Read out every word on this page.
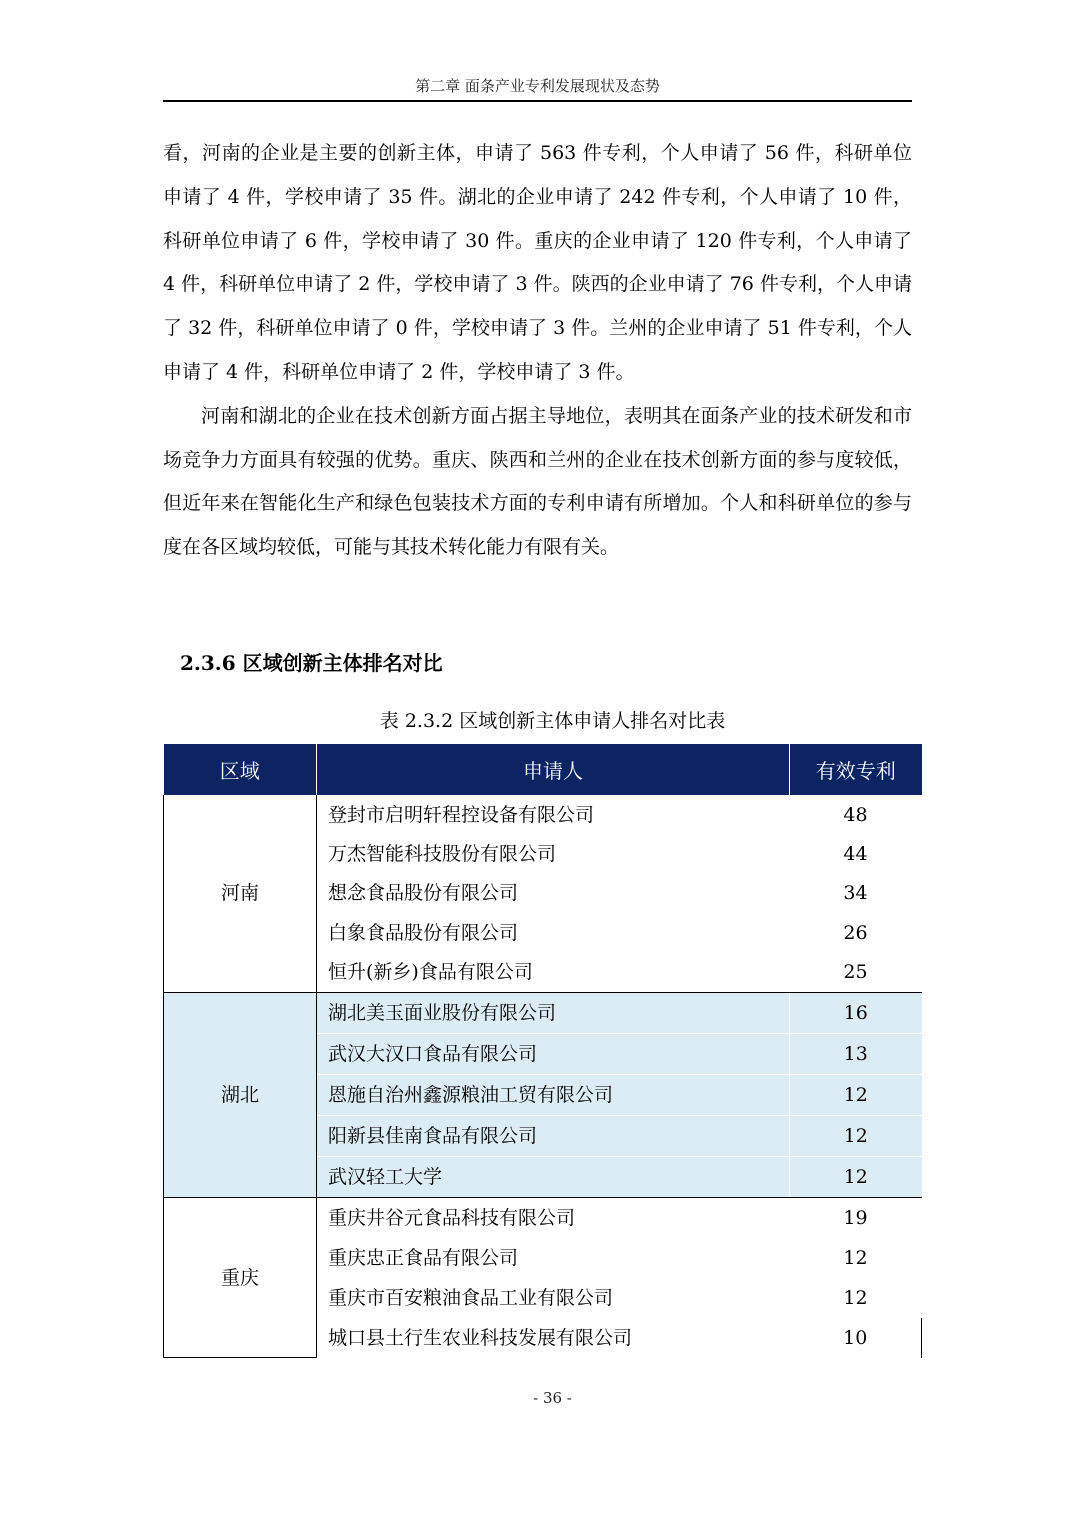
第二章 面条产业专利发展现状及态势

看，河南的企业是主要的创新主体，申请了 563 件专利，个人申请了 56 件，科研单位申请了 4 件，学校申请了 35 件。湖北的企业申请了 242 件专利，个人申请了 10 件，科研单位申请了 6 件，学校申请了 30 件。重庆的企业申请了 120 件专利，个人申请了 4 件，科研单位申请了 2 件，学校申请了 3 件。陕西的企业申请了 76 件专利，个人申请了 32 件，科研单位申请了 0 件，学校申请了 3 件。兰州的企业申请了 51 件专利，个人申请了 4 件，科研单位申请了 2 件，学校申请了 3 件。

河南和湖北的企业在技术创新方面占据主导地位，表明其在面条产业的技术研发和市场竞争力方面具有较强的优势。重庆、陕西和兰州的企业在技术创新方面的参与度较低，但近年来在智能化生产和绿色包装技术方面的专利申请有所增加。个人和科研单位的参与度在各区域均较低，可能与其技术转化能力有限有关。

2.3.6 区域创新主体排名对比
表 2.3.2 区域创新主体申请人排名对比表
区域	申请人	有效专利
河南	登封市启明轩程控设备有限公司	48
	万杰智能科技股份有限公司	44
	想念食品股份有限公司	34
	白象食品股份有限公司	26
	恒升(新乡)食品有限公司	25
湖北	湖北美玉面业股份有限公司	16
	武汉大汉口食品有限公司	13
	恩施自治州鑫源粮油工贸有限公司	12
	阳新县佳南食品有限公司	12
	武汉轻工大学	12
重庆	重庆井谷元食品科技有限公司	19
	重庆忠正食品有限公司	12
	重庆市百安粮油食品工业有限公司	12
	城口县土行生农业科技发展有限公司	10
- 36 -
